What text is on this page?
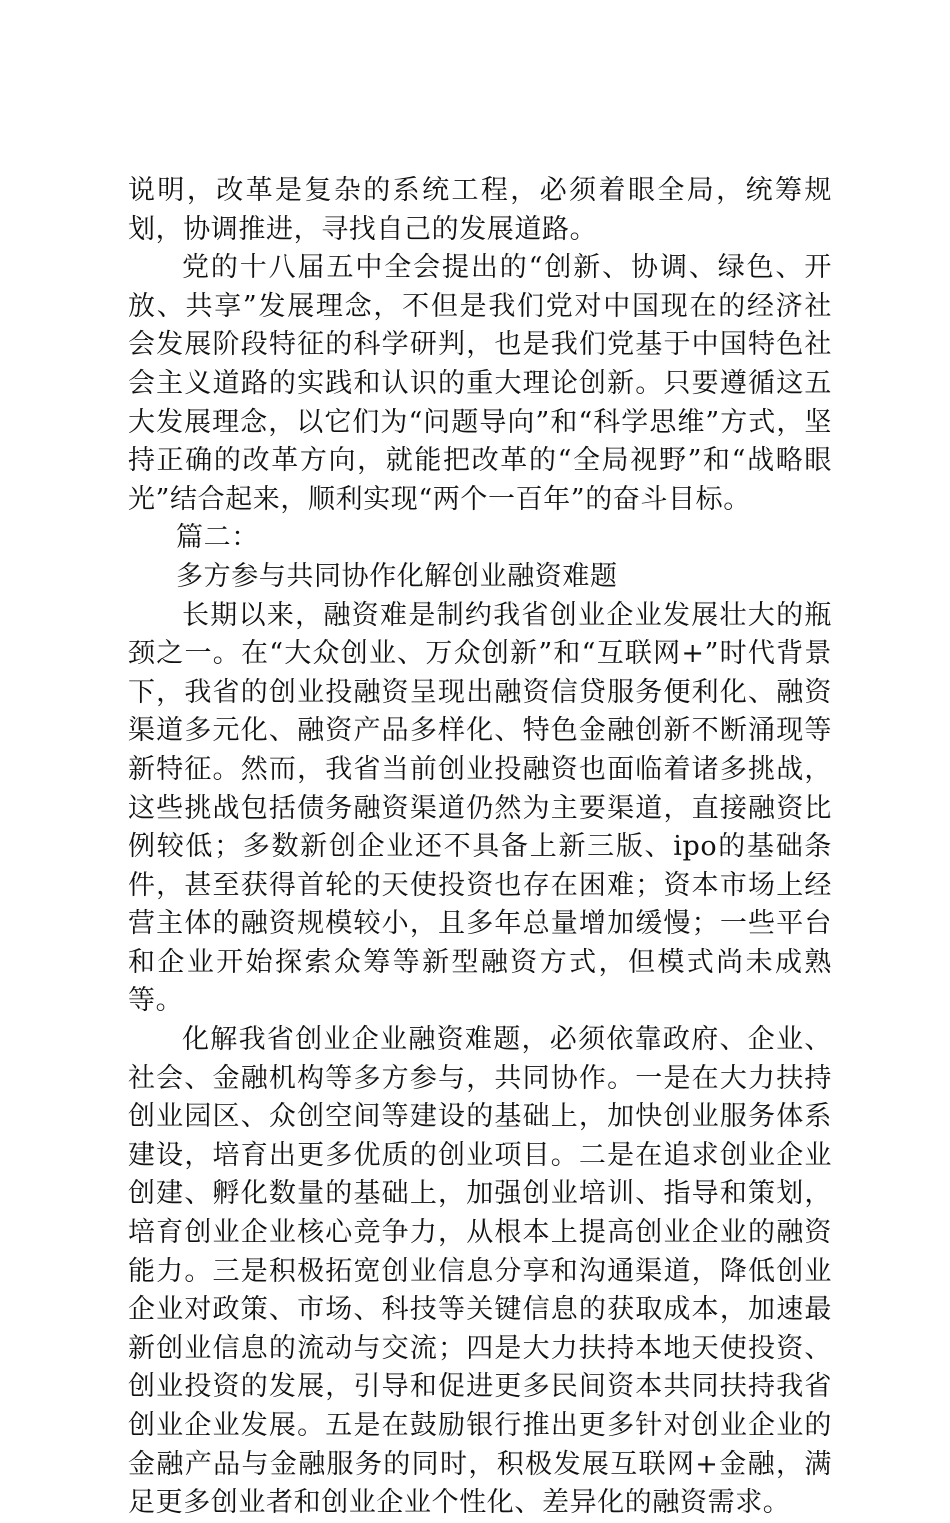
说明，改革是复杂的系统工程，必须着眼全局，统筹规划，协调推进，寻找自己的发展道路。

党的十八届五中全会提出的“创新、协调、绿色、开放、共享”发展理念，不但是我们党对中国现在的经济社会发展阶段特征的科学研判，也是我们党基于中国特色社会主义道路的实践和认识的重大理论创新。只要遵循这五大发展理念，以它们为“问题导向”和“科学思维”方式，坚持正确的改革方向，就能把改革的“全局视野”和“战略眼光”结合起来，顺利实现“两个一百年”的奋斗目标。

篇二：

多方参与共同协作化解创业融资难题

长期以来，融资难是制约我省创业企业发展壮大的瓶颈之一。在“大众创业、万众创新”和“互联网+”时代背景下，我省的创业投融资呈现出融资信贷服务便利化、融资渠道多元化、融资产品多样化、特色金融创新不断涌现等新特征。然而，我省当前创业投融资也面临着诸多挑战，这些挑战包括债务融资渠道仍然为主要渠道，直接融资比例较低；多数新创企业还不具备上新三版、ipo的基础条件，甚至获得首轮的天使投资也存在困难；资本市场上经营主体的融资规模较小，且多年总量增加缓慢；一些平台和企业开始探索众筹等新型融资方式，但模式尚未成熟等。

化解我省创业企业融资难题，必须依靠政府、企业、社会、金融机构等多方参与，共同协作。一是在大力扶持创业园区、众创空间等建设的基础上，加快创业服务体系建设，培育出更多优质的创业项目。二是在追求创业企业创建、孵化数量的基础上，加强创业培训、指导和策划，培育创业企业核心竞争力，从根本上提高创业企业的融资能力。三是积极拓宽创业信息分享和沟通渠道，降低创业企业对政策、市场、科技等关键信息的获取成本，加速最新创业信息的流动与交流；四是大力扶持本地天使投资、创业投资的发展，引导和促进更多民间资本共同扶持我省创业企业发展。五是在鼓励银行推出更多针对创业企业的金融产品与金融服务的同时，积极发展互联网+金融，满足更多创业者和创业企业个性化、差异化的融资需求。
